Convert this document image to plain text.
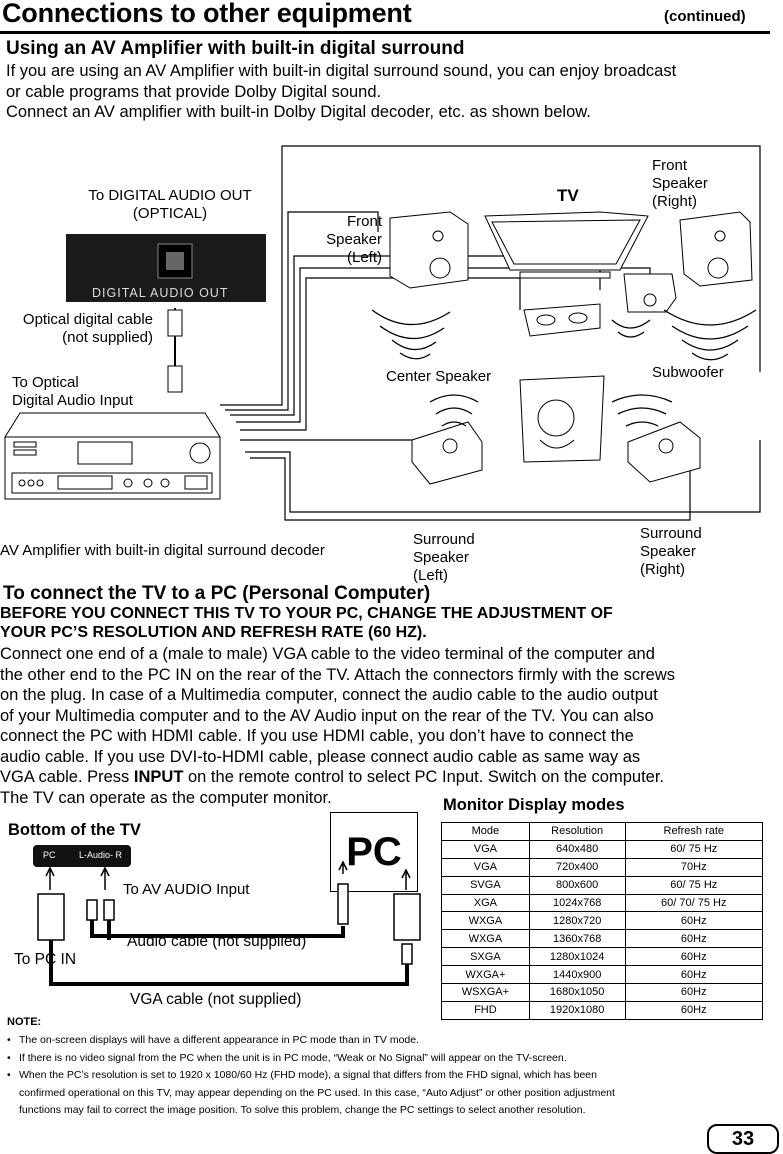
Connections to other equipment	(continued)
Using an AV Amplifier with built-in digital surround

If you are using an AV Amplifier with built-in digital surround sound, you can enjoy broadcast

or cable programs that provide Dolby Digital sound.

Connect an AV amplifier with built-in Dolby Digital decoder, etc. as shown below.

To DIGITAL AUDIO OUT
(OPTICAL)
DIGITAL AUDIO OUT
Optical digital cable
(not supplied)
To Optical
Digital Audio Input
AV Amplifier with built-in digital surround decoder
TV
Front
Speaker
(Left)
Front
Speaker
(Right)
Center Speaker	Subwoofer
Surround
Speaker
(Left)
Surround
Speaker
(Right)
To connect the TV to a PC (Personal Computer)
BEFORE YOU CONNECT THIS TV TO YOUR PC, CHANGE THE ADJUSTMENT OF
YOUR PC’S RESOLUTION AND REFRESH RATE (60 HZ).

Connect one end of a (male to male) VGA cable to the video terminal of the computer and

the other end to the PC IN on the rear of the TV. Attach the connectors firmly with the screws

on the plug. In case of a Multimedia computer, connect the audio cable to the audio output

of your Multimedia computer and to the AV Audio input on the rear of the TV. You can also

connect the PC with HDMI cable. If you use HDMI cable, you don’t have to connect the

audio cable. If you use DVI-to-HDMI cable, please connect audio cable as same way as

VGA cable. Press INPUT on the remote control to select PC Input. Switch on the computer.

The TV can operate as the computer monitor.

Bottom of the TV
PC	L-Audio- R	PC
To AV AUDIO Input
Audio cable (not supplied)
To PC IN
VGA cable (not supplied)
Monitor Display modes
Mode	Resolution	Refresh rate
VGA	640x480	60/ 75 Hz
VGA	720x400	70Hz
SVGA	800x600	60/ 75 Hz
XGA	1024x768	60/ 70/ 75 Hz
WXGA	1280x720	60Hz
WXGA	1360x768	60Hz
SXGA	1280x1024	60Hz
WXGA+	1440x900	60Hz
WSXGA+	1680x1050	60Hz
FHD	1920x1080	60Hz
NOTE:
• The on-screen displays will have a different appearance in PC mode than in TV mode.
• If there is no video signal from the PC when the unit is in PC mode, “Weak or No Signal” will appear on the TV-screen.
• When the PC’s resolution is set to 1920 x 1080/60 Hz (FHD mode), a signal that differs from the FHD signal, which has been
confirmed operational on this TV, may appear depending on the PC used. In this case, “Auto Adjust” or other position adjustment
functions may fail to correct the image position. To solve this problem, change the PC settings to select another resolution.
33
